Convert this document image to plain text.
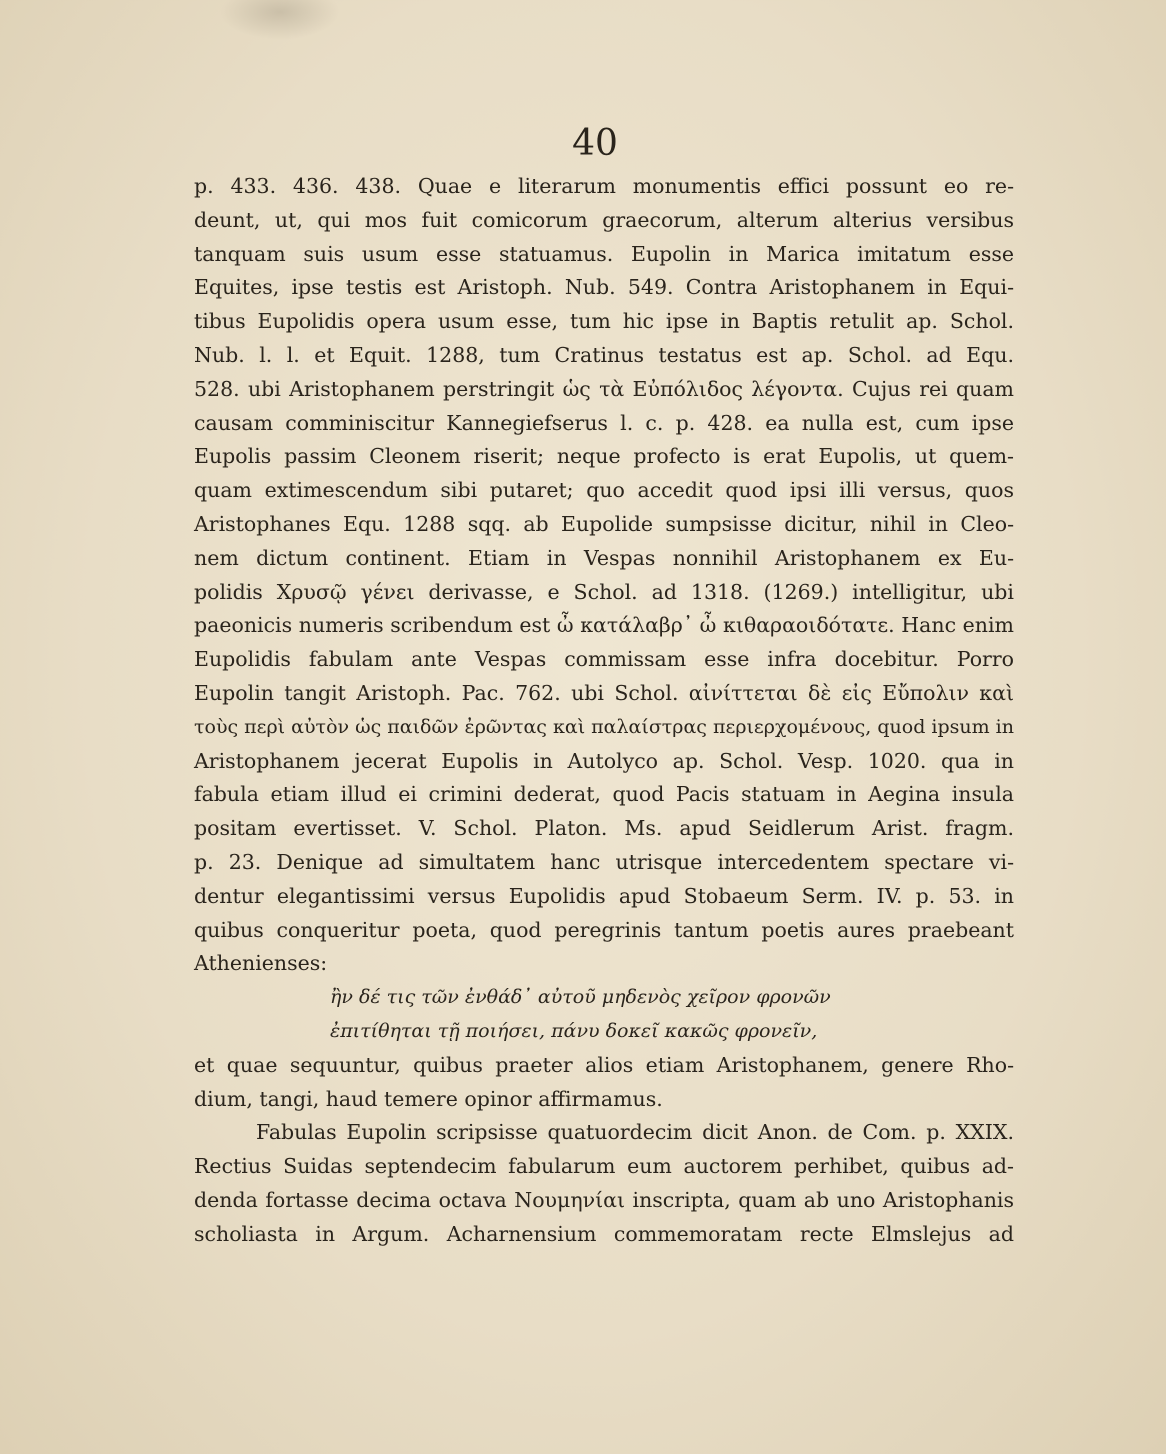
40
p. 433. 436. 438. Quae e literarum monumentis effici possunt eo re-
deunt, ut, qui mos fuit comicorum graecorum, alterum alterius versibus
tanquam suis usum esse statuamus. Eupolin in Marica imitatum esse
Equites, ipse testis est Aristoph. Nub. 549. Contra Aristophanem in Equi-
tibus Eupolidis opera usum esse, tum hic ipse in Baptis retulit ap. Schol.
Nub. l. l. et Equit. 1288, tum Cratinus testatus est ap. Schol. ad Equ.
528. ubi Aristophanem perstringit ὡς τὰ Εὐπόλιδος λέγοντα. Cujus rei quam
causam comminiscitur Kannegiefserus l. c. p. 428. ea nulla est, cum ipse
Eupolis passim Cleonem riserit; neque profecto is erat Eupolis, ut quem-
quam extimescendum sibi putaret; quo accedit quod ipsi illi versus, quos
Aristophanes Equ. 1288 sqq. ab Eupolide sumpsisse dicitur, nihil in Cleo-
nem dictum continent. Etiam in Vespas nonnihil Aristophanem ex Eu-
polidis Χρυσῷ γένει derivasse, e Schol. ad 1318. (1269.) intelligitur, ubi
paeonicis numeris scribendum est ὦ κατάλαβρ᾽ ὦ κιθαραοιδότατε. Hanc enim
Eupolidis fabulam ante Vespas commissam esse infra docebitur. Porro
Eupolin tangit Aristoph. Pac. 762. ubi Schol. αἰνίττεται δὲ εἰς Εὔπολιν καὶ
τοὺς περὶ αὐτὸν ὡς παιδῶν ἐρῶντας καὶ παλαίστρας περιερχομένους, quod ipsum in
Aristophanem jecerat Eupolis in Autolyco ap. Schol. Vesp. 1020. qua in
fabula etiam illud ei crimini dederat, quod Pacis statuam in Aegina insula
positam evertisset. V. Schol. Platon. Ms. apud Seidlerum Arist. fragm.
p. 23. Denique ad simultatem hanc utrisque intercedentem spectare vi-
dentur elegantissimi versus Eupolidis apud Stobaeum Serm. IV. p. 53. in
quibus conqueritur poeta, quod peregrinis tantum poetis aures praebeant
Athenienses:
ἢν δέ τις τῶν ἐνθάδ᾽ αὐτοῦ μηδενὸς χεῖρον φρονῶν
ἐπιτίθηται τῇ ποιήσει, πάνυ δοκεῖ κακῶς φρονεῖν,
et quae sequuntur, quibus praeter alios etiam Aristophanem, genere Rho-
dium, tangi, haud temere opinor affirmamus.
Fabulas Eupolin scripsisse quatuordecim dicit Anon. de Com. p. XXIX.
Rectius Suidas septendecim fabularum eum auctorem perhibet, quibus ad-
denda fortasse decima octava Νουμηνίαι inscripta, quam ab uno Aristophanis
scholiasta in Argum. Acharnensium commemoratam recte Elmslejus ad
